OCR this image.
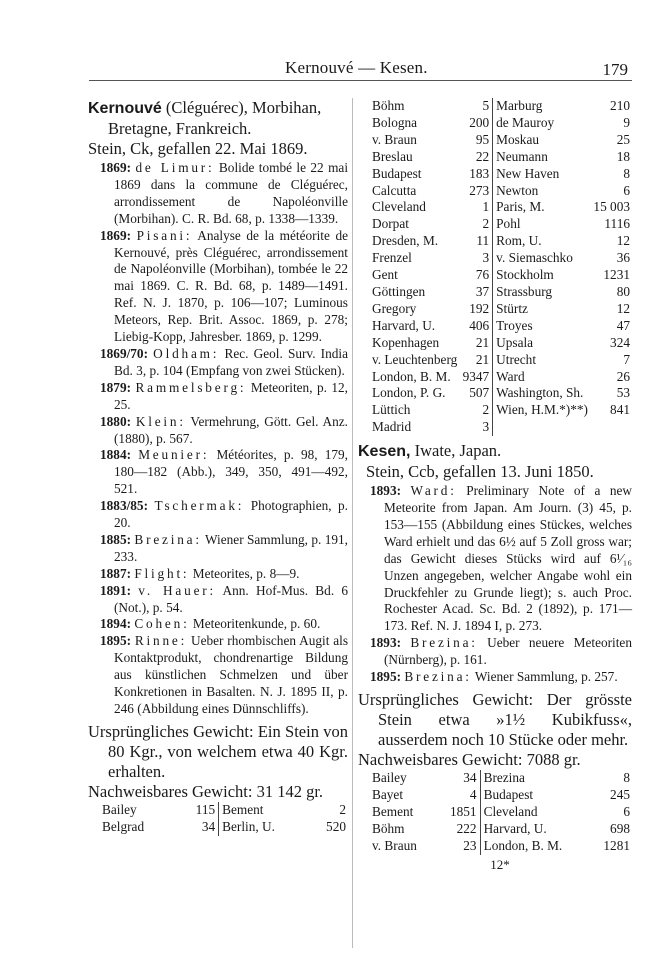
Kernouvé — Kesen.	179
Kernouvé (Cléguérec), Morbihan, Bretagne, Frankreich.
Stein, Ck, gefallen 22. Mai 1869.
1869: de Limur: Bolide tombé le 22 mai 1869 dans la commune de Cléguérec, arrondissement de Napoléonville (Morbihan). C. R. Bd. 68, p. 1338—1339.
1869: Pisani: Analyse de la météorite de Kernouvé, près Cléguérec, arrondissement de Napoléonville (Morbihan), tombée le 22 mai 1869. C. R. Bd. 68, p. 1489—1491. Ref. N. J. 1870, p. 106—107; Luminous Meteors, Rep. Brit. Assoc. 1869, p. 278; Liebig-Kopp, Jahresber. 1869, p. 1299.
1869/70: Oldham: Rec. Geol. Surv. India Bd. 3, p. 104 (Empfang von zwei Stücken).
1879: Rammelsberg: Meteoriten, p. 12, 25.
1880: Klein: Vermehrung, Gött. Gel. Anz. (1880), p. 567.
1884: Meunier: Météorites, p. 98, 179, 180—182 (Abb.), 349, 350, 491—492, 521.
1883/85: Tschermak: Photographien, p. 20.
1885: Brezina: Wiener Sammlung, p. 191, 233.
1887: Flight: Meteorites, p. 8—9.
1891: v. Hauer: Ann. Hof-Mus. Bd. 6 (Not.), p. 54.
1894: Cohen: Meteoritenkunde, p. 60.
1895: Rinne: Ueber rhombischen Augit als Kontaktprodukt, chondrenartige Bildung aus künstlichen Schmelzen und über Konkretionen in Basalten. N. J. 1895 II, p. 246 (Abbildung eines Dünnschliffs).
Ursprüngliches Gewicht: Ein Stein von 80 Kgr., von welchem etwa 40 Kgr. erhalten.
Nachweisbares Gewicht: 31 142 gr.
Bailey	115	Bement	2
Belgrad	34	Berlin, U.	520
Böhm	5	Marburg	210
Bologna	200	de Mauroy	9
v. Braun	95	Moskau	25
Breslau	22	Neumann	18
Budapest	183	New Haven	8
Calcutta	273	Newton	6
Cleveland	1	Paris, M.	15 003
Dorpat	2	Pohl	1116
Dresden, M.	11	Rom, U.	12
Frenzel	3	v. Siemaschko	36
Gent	76	Stockholm	1231
Göttingen	37	Strassburg	80
Gregory	192	Stürtz	12
Harvard, U.	406	Troyes	47
Kopenhagen	21	Upsala	324
v. Leuchtenberg	21	Utrecht	7
London, B. M.	9347	Ward	26
London, P. G.	507	Washington, Sh.	53
Lüttich	2	Wien, H.M.*)**)	841
Madrid	3		
Kesen, Iwate, Japan.
Stein, Ccb, gefallen 13. Juni 1850.
1893: Ward: Preliminary Note of a new Meteorite from Japan. Am Journ. (3) 45, p. 153—155 (Abbildung eines Stückes, welches Ward erhielt und das 6½ auf 5 Zoll gross war; das Gewicht dieses Stücks wird auf 6¹⁄₁₆ Unzen angegeben, welcher Angabe wohl ein Druckfehler zu Grunde liegt); s. auch Proc. Rochester Acad. Sc. Bd. 2 (1892), p. 171—173. Ref. N. J. 1894 I, p. 273.
1893: Brezina: Ueber neuere Meteoriten (Nürnberg), p. 161.
1895: Brezina: Wiener Sammlung, p. 257.
Ursprüngliches Gewicht: Der grösste Stein etwa »1½ Kubikfuss«, ausserdem noch 10 Stücke oder mehr.
Nachweisbares Gewicht: 7088 gr.
Bailey	34	Brezina	8
Bayet	4	Budapest	245
Bement	1851	Cleveland	6
Böhm	222	Harvard, U.	698
v. Braun	23	London, B. M.	1281
12*
